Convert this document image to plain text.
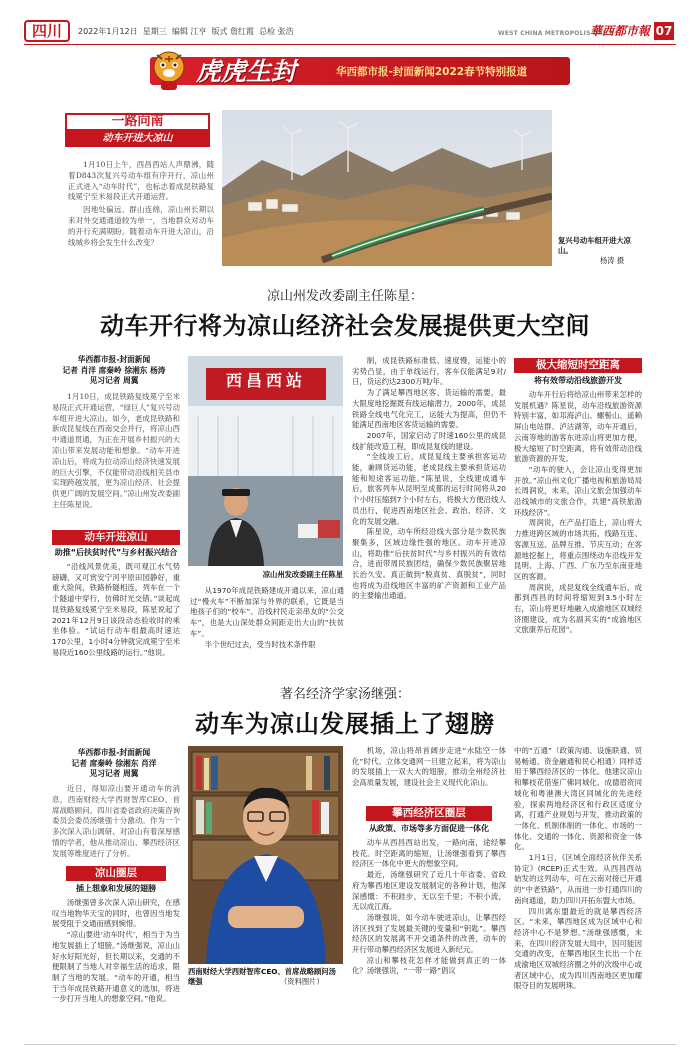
四川	2022年1月12日 星期三 编辑 江亨 版式 詹红霞 总检 张浩	WEST CHINA METROPOLIS DAILY
華西都市報 07
虎虎生封	华西都市报-封面新闻2022春节特别报道
一路向南
动车开进大凉山

1月10日上午，西昌西站人声鼎沸，随着D843次复兴号动车组有序开行，凉山州正式进入“动车时代”，也标志着成昆铁路复线冕宁至米易段正式开通运营。

因地处偏远、群山连绵，凉山州长期以来对外交通通道较为单一，当地群众对动车的开行充满期盼。随着动车开进大凉山，沿线城乡将会发生什么改变？	复兴号动车组开进大凉山。
杨涛 摄
凉山州发改委副主任陈星：
动车开行将为凉山经济社会发展提供更大空间
华西都市报-封面新闻
记者 肖洋 席秦岭 徐湘东 杨涛
见习记者 周翼

1月10日，成昆铁路复线冕宁至米易段正式开通运营，“绿巨人”复兴号动车组开进大凉山。如今，老成昆铁路和新成昆复线在西南交会并行，将凉山西中通道贯通，为正在开展乡村振兴的大凉山带来发展动能和想象。“动车开进凉山后，将成为拉动凉山经济快速发展的巨大引擎，不仅能带动沿线相关县市实现跨越发展，更为凉山经济、社会提供更广阔的发展空间。”凉山州发改委副主任陈星说。

动车开进凉山
助推“后扶贫时代”与乡村振兴结合

“沿线风景优美，既可观江水气势磅礴，又可赏安宁河平原田园静好，重重大险间，铁路桥隧相连，列车在一个个隧道中穿行，仿佛时光交错。”谈起成昆铁路复线冕宁至米易段，陈星说起了2021年12月9日该段动态验收时的乘坐体验。“试运行动车组最高时速达170公里，1小时4分钟就完成冕宁至米易段近160公里线路的运行。”他说。

西昌西站
凉山州发改委副主任陈星

从1970年成昆铁路建成开通以来，凉山通过“慢火车”不断加深与外界的联系，它既是当地孩子们的“校车”、沿线村民走亲串友的“公交车”，也是大山深处群众间距走出大山的“扶贫车”。

半个世纪过去，受当时技术条件限

制，成昆铁路标准低、速度慢，运能小的劣势凸显，由于单线运行，客车仅能满足9对/日，货运约达2300万吨/年。

为了满足攀西地区客、货运输的需要，最大限度地挖掘既有线运输潜力，2000年，成昆铁路全线电气化完工，运能大为提高，但仍不能满足西南地区客货运输的需要。

2007年，国家启动了时速160公里的成昆线扩能改造工程，即成昆复线的建设。

“全线竣工后，成昆复线主要承担客运功能，兼顾货运功能，老成昆线主要承担货运功能和短途客运功能。”陈星说，全线建成通车后，旅客列车从昆明至成都的运行时间将从20个小时压缩到7个小时左右，将极大方便沿线人员出行，促进西南地区社会、政治、经济、文化的发展交融。

陈星说，动车所经沿线大部分是少数民族聚集多，区域边缘性强的地区。动车开进凉山，将助推“后扶贫时代”与乡村振兴的有效结合，进而带周民族团结，确保少数民族聚居地长治久安。真正做到“脱真贫、真脱贫”，同时也将成为沿线地区丰富的矿产资源和工业产品的主要输出通道。

极大缩短时空距离
将有效带动沿线旅游开发

动车开行后将给凉山州带来怎样的发展机遇？陈星说，动车沿线旅游资源特别丰富，如邛海泸山、螺髻山、遥赖屏山电站群、泸沽湖等，动车开通后，云南等地的游客东进凉山将更加方便，极大缩短了时空距离，将有效带动沿线旅游资源的开发。

“动车的驶入，会让凉山变得更加开放。”凉山州文化广播电视和旅游局局长周润说，未来，凉山文旅会加强动车沿线城市的文旅合作，共建“高铁旅游环线经济”。

周润说，在产品打造上，凉山将大力推进跨区域的市场共拓，线路互连、客源互送、品牌互推、节庆互动；在客源地挖掘上，将重点围绕动车沿线开发昆明、上海、广西、广东乃至东南亚地区的客源。

周润说，成昆复线全线通车后，成都到西昌的时间将缩短到3.5小时左右，凉山将更好地融入成渝地区双城经济圈建设，成为名副其实的“成渝地区文旅康养后花园”。

著名经济学家汤继强：
动车为凉山发展插上了翅膀
华西都市报-封面新闻
记者 席秦岭 徐湘东 肖洋
见习记者 周翼

近日，得知凉山要开通动车的消息，西南财经大学西财智库CEO、首席战略顾问、四川省委省政府决策咨询委员会委员汤继强十分激动。作为一个多次深入凉山调研、对凉山有着深厚感情的学者，他从推动凉山、攀西经济区发展等维度进行了分析。

凉山圈层
插上想象和发展的翅膀

汤继强曾多次深入凉山研究，在感叹当地物华天宝的同时，也曾因当地发展受阻于交通而感到惋惜。

“凉山要进‘动车时代’，相当于为当地发展插上了翅膀。”汤继强说，凉山山好水好阳光好，但长期以来，交通的不便限制了当地人对幸福生活的追求，限制了当地的发展。“动车的开通，相当于当年成昆铁路开通意义的选加，将进一步打开当地人的想象空间。”他说。

西南财经大学西财智库CEO、首席战略顾问汤继强	（资料图片）

机场，凉山将昂首阔步走进“水陆空一体化”时代。立体交通网一旦建立起来，将为凉山的发展插上一双大大的翅膀，推动全州经济社会高质量发展，建设社会主义现代化凉山。

攀西经济区圈层
从政策、市场等多方面促进一体化

动车从西昌西站出发，一路向南，途经攀枝花。时空距离的缩短，让汤继强看到了攀西经济区一体化中更大的想象空间。

最近，汤继强研究了近几十年省委、省政府为攀西地区建设发展制定的各种计划，他深深感慨：不积跬步，无以至千里；不积小流，无以成江海。

汤继强说，如今动车驶进凉山，让攀西经济区找到了发展最关键的变量和“钥匙”。攀西经济区的发展离不开交通条件的改善，动车的开行带动攀西经济区发展进入新纪元。

凉山和攀枝花怎样才能做到真正的一体化？汤继强说，“一带一路”倡议

中的“五通”（政策沟通、设施联通、贸易畅通、资金融通和民心相通）同样适用于攀西经济区的一体化。他建议凉山和攀枝花借鉴广佛同城化、成德眉资同城化和粤港澳大湾区同城化的先进经验，探索两地经济区和行政区适度分离，打通产业规划与开发，推动政策的一体化、机制体制的一体化、市场的一体化、交通的一体化、资源和资金一体化。

1月1日，《区域全面经济伙伴关系协定》(RCEP)正式生效。从西昌西站始发的这列动车，可在云南对接已开通的“中老铁路”，从而进一步打通四川的南向通道，助力四川开拓东盟大市场。

四川离东盟最近的就是攀西经济区。“未来，攀西地区成为区域中心和经济中心不是梦想。”汤继强感慨，未来，在四川经济发展大局中，因可能因交通的改变，在攀西地区生长出一个在成渝地区双城经济圈之外的次级中心或者区域中心，成为四川西南地区更加耀眼夺目的发展明珠。
